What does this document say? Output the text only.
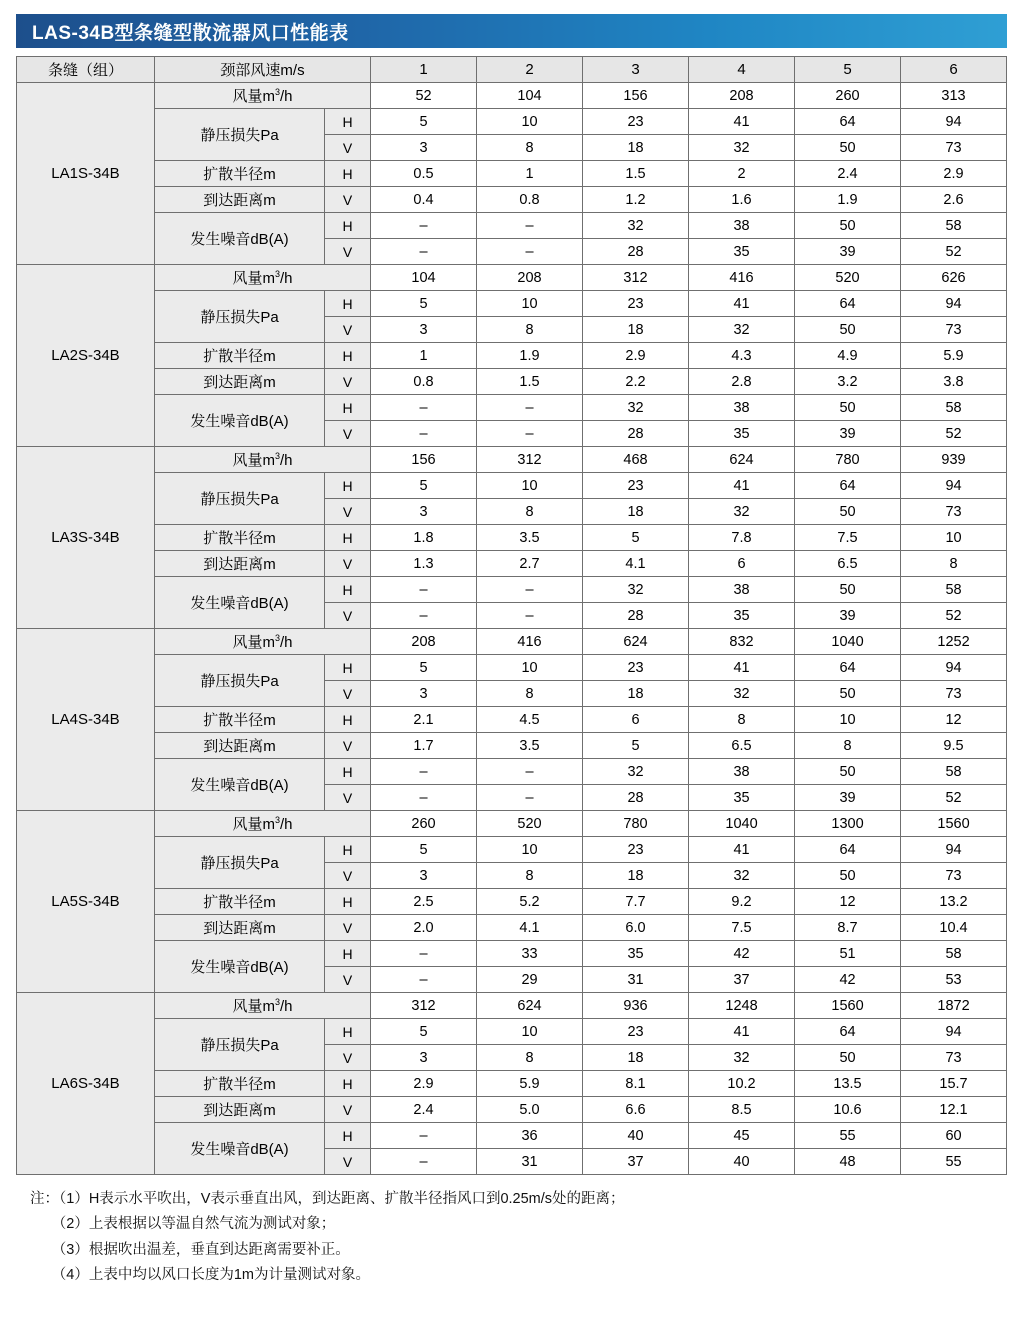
LAS-34B型条缝型散流器风口性能表
条缝（组）	颈部风速m/s		1	2	3	4	5	6
LA1S-34B	风量$m^3/h$		52	104	156	208	260	313
	静压损失Pa	H	5	10	23	41	64	94
		V	3	8	18	32	50	73
	扩散半径m	H	0.5	1	1.5	2	2.4	2.9
	到达距离m	V	0.4	0.8	1.2	1.6	1.9	2.6
	发生噪音dB(A)	H	–	–	32	38	50	58
		V	–	–	28	35	39	52
LA2S-34B	风量$m^3/h$		104	208	312	416	520	626
	静压损失Pa	H	5	10	23	41	64	94
		V	3	8	18	32	50	73
	扩散半径m	H	1	1.9	2.9	4.3	4.9	5.9
	到达距离m	V	0.8	1.5	2.2	2.8	3.2	3.8
	发生噪音dB(A)	H	–	–	32	38	50	58
		V	–	–	28	35	39	52
LA3S-34B	风量$m^3/h$		156	312	468	624	780	939
	静压损失Pa	H	5	10	23	41	64	94
		V	3	8	18	32	50	73
	扩散半径m	H	1.8	3.5	5	7.8	7.5	10
	到达距离m	V	1.3	2.7	4.1	6	6.5	8
	发生噪音dB(A)	H	–	–	32	38	50	58
		V	–	–	28	35	39	52
LA4S-34B	风量$m^3/h$		208	416	624	832	1040	1252
	静压损失Pa	H	5	10	23	41	64	94
		V	3	8	18	32	50	73
	扩散半径m	H	2.1	4.5	6	8	10	12
	到达距离m	V	1.7	3.5	5	6.5	8	9.5
	发生噪音dB(A)	H	–	–	32	38	50	58
		V	–	–	28	35	39	52
LA5S-34B	风量$m^3/h$		260	520	780	1040	1300	1560
	静压损失Pa	H	5	10	23	41	64	94
		V	3	8	18	32	50	73
	扩散半径m	H	2.5	5.2	7.7	9.2	12	13.2
	到达距离m	V	2.0	4.1	6.0	7.5	8.7	10.4
	发生噪音dB(A)	H	–	33	35	42	51	58
		V	–	29	31	37	42	53
LA6S-34B	风量$m^3/h$		312	624	936	1248	1560	1872
	静压损失Pa	H	5	10	23	41	64	94
		V	3	8	18	32	50	73
	扩散半径m	H	2.9	5.9	8.1	10.2	13.5	15.7
	到达距离m	V	2.4	5.0	6.6	8.5	10.6	12.1
	发生噪音dB(A)	H	–	36	40	45	55	60
		V	–	31	37	40	48	55
注：（1）H表示水平吹出，V表示垂直出风，到达距离、扩散半径指风口到0.25m/s处的距离；
　　（2）上表根据以等温自然气流为测试对象；
　　（3）根据吹出温差，垂直到达距离需要补正。
　　（4）上表中均以风口长度为1m为计量测试对象。
